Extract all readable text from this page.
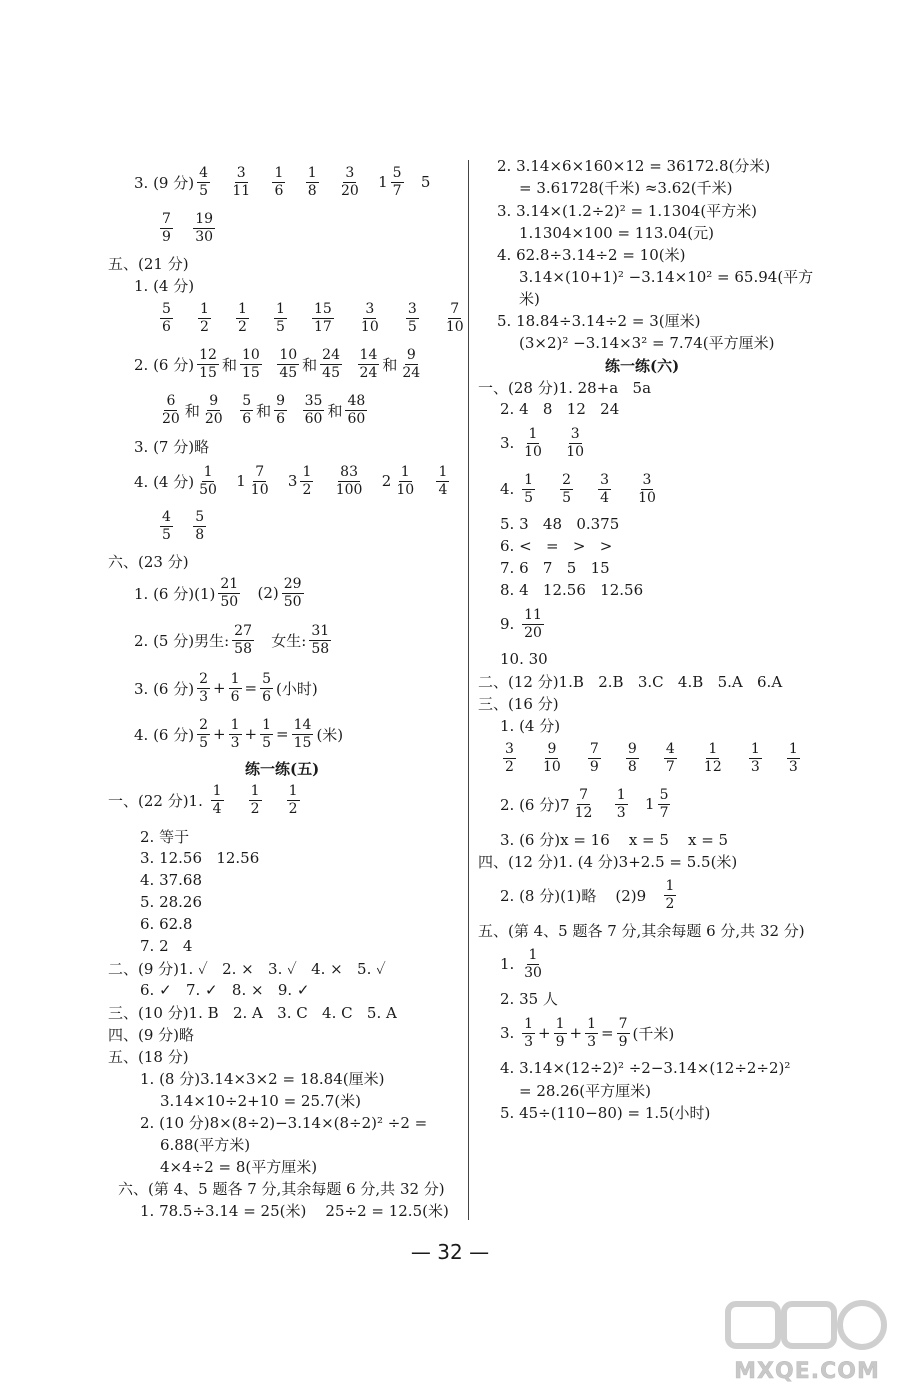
3. (9 分) $\frac{4}{5}$
$\frac{3}{11}$
$\frac{1}{6}$
$\frac{1}{8}$
$\frac{3}{20} 1 \frac{5}{7} 5$
$\frac{7}{9}$
$\frac{19}{30}$
五、(21 分)
1. (4 分)
$\frac{5}{6}$
$\frac{1}{2}$
$\frac{1}{2}$
$\frac{1}{5}$
$\frac{15}{17}$
$\frac{3}{10}$
$\frac{3}{5}$
$\frac{7}{10}$
2. (6 分) $\frac{12}{15}$ 和 $\frac{10}{15}$
$\frac{10}{45}$ 和 $\frac{24}{45}$
$\frac{14}{24}$ 和 $\frac{9}{24}$
$\frac{6}{20}$ 和 $\frac{9}{20}$
$\frac{5}{6}$ 和 $\frac{9}{6}$
$\frac{35}{60}$ 和 $\frac{48}{60}$
3. (7 分)略
4. (4 分) $\frac{1}{50} 1 \frac{7}{10} 3 \frac{1}{2}$
$\frac{83}{100} 2 \frac{1}{10}$
$\frac{1}{4}$
$\frac{4}{5}$
$\frac{5}{8}$
六、(23 分)
1. (6 分)$(1) \frac{21}{50} (2) \frac{29}{50}$
2. (5 分)男生: $\frac{27}{58}$ 女生: $\frac{31}{58}$
3. (6 分) $\frac{2}{3} + \frac{1}{6} = \frac{5}{6}$ (小时)
4. (6 分) $\frac{2}{5} + \frac{1}{3} + \frac{1}{5} = \frac{14}{15}$ (米)
练一练(五)
一、(22 分)1. $\frac{1}{4}$
$\frac{1}{2}$
$\frac{1}{2}$
2. 等于
3. 12.56   12.56
4. 37.68
5. 28.26
6. 62.8
7. 2   4
二、(9 分)1. ✓   2. ×   3. ✓   4. ×   5. ✓
6. ✓   7. ✓   8. ×   9. ✓
三、(10 分)1. B   2. A   3. C   4. C   5. A
四、(9 分)略
五、(18 分)
1. (8 分)3.14×3×2 = 18.84(厘米)
3.14×10÷2+10 = 25.7(米)
2. (10 分)8×(8÷2)−3.14×(8÷2)² ÷2 =
6.88(平方米)
4×4÷2 = 8(平方厘米)
六、(第 4、5 题各 7 分,其余每题 6 分,共 32 分)
1. 78.5÷3.14 = 25(米)    25÷2 = 12.5(米)
2. 3.14×6×160×12 = 36172.8(分米)
= 3.61728(千米) ≈3.62(千米)
3. 3.14×(1.2÷2)² = 1.1304(平方米)
1.1304×100 = 113.04(元)
4. 62.8÷3.14÷2 = 10(米)
3.14×(10+1)² −3.14×10² = 65.94(平方
米)
5. 18.84÷3.14÷2 = 3(厘米)
(3×2)² −3.14×3² = 7.74(平方厘米)
练一练(六)
一、(28 分)1. 28+a   5a
2. 4   8   12   24
3. $\frac{1}{10}$
$\frac{3}{10}$
4. $\frac{1}{5}$
$\frac{2}{5}$
$\frac{3}{4}$
$\frac{3}{10}$
5. 3   48   0.375
6. <   =   >   >
7. 6   7   5   15
8. 4   12.56   12.56
9. $\frac{11}{20}$
10. 30
二、(12 分)1.B   2.B   3.C   4.B   5.A   6.A
三、(16 分)
1. (4 分)
$\frac{3}{2}$
$\frac{9}{10}$
$\frac{7}{9}$
$\frac{9}{8}$
$\frac{4}{7}$
$\frac{1}{12}$
$\frac{1}{3}$
$\frac{1}{3}$
2. (6 分)$7 \frac{7}{12}$
$\frac{1}{3} 1 \frac{5}{7}$
3. (6 分)x = 16    x = 5    x = 5
四、(12 分)1. (4 分)3+2.5 = 5.5(米)
2. (8 分)(1)略    $(2)9 \frac{1}{2}$
五、(第 4、5 题各 7 分,其余每题 6 分,共 32 分)
1. $\frac{1}{30}$
2. 35 人
3. $\frac{1}{3} + \frac{1}{9} + \frac{1}{3} = \frac{7}{9}$ (千米)
4. 3.14×(12÷2)² ÷2−3.14×(12÷2÷2)²
= 28.26(平方厘米)
5. 45÷(110−80) = 1.5(小时)
— 32 —
MXQE.COM
